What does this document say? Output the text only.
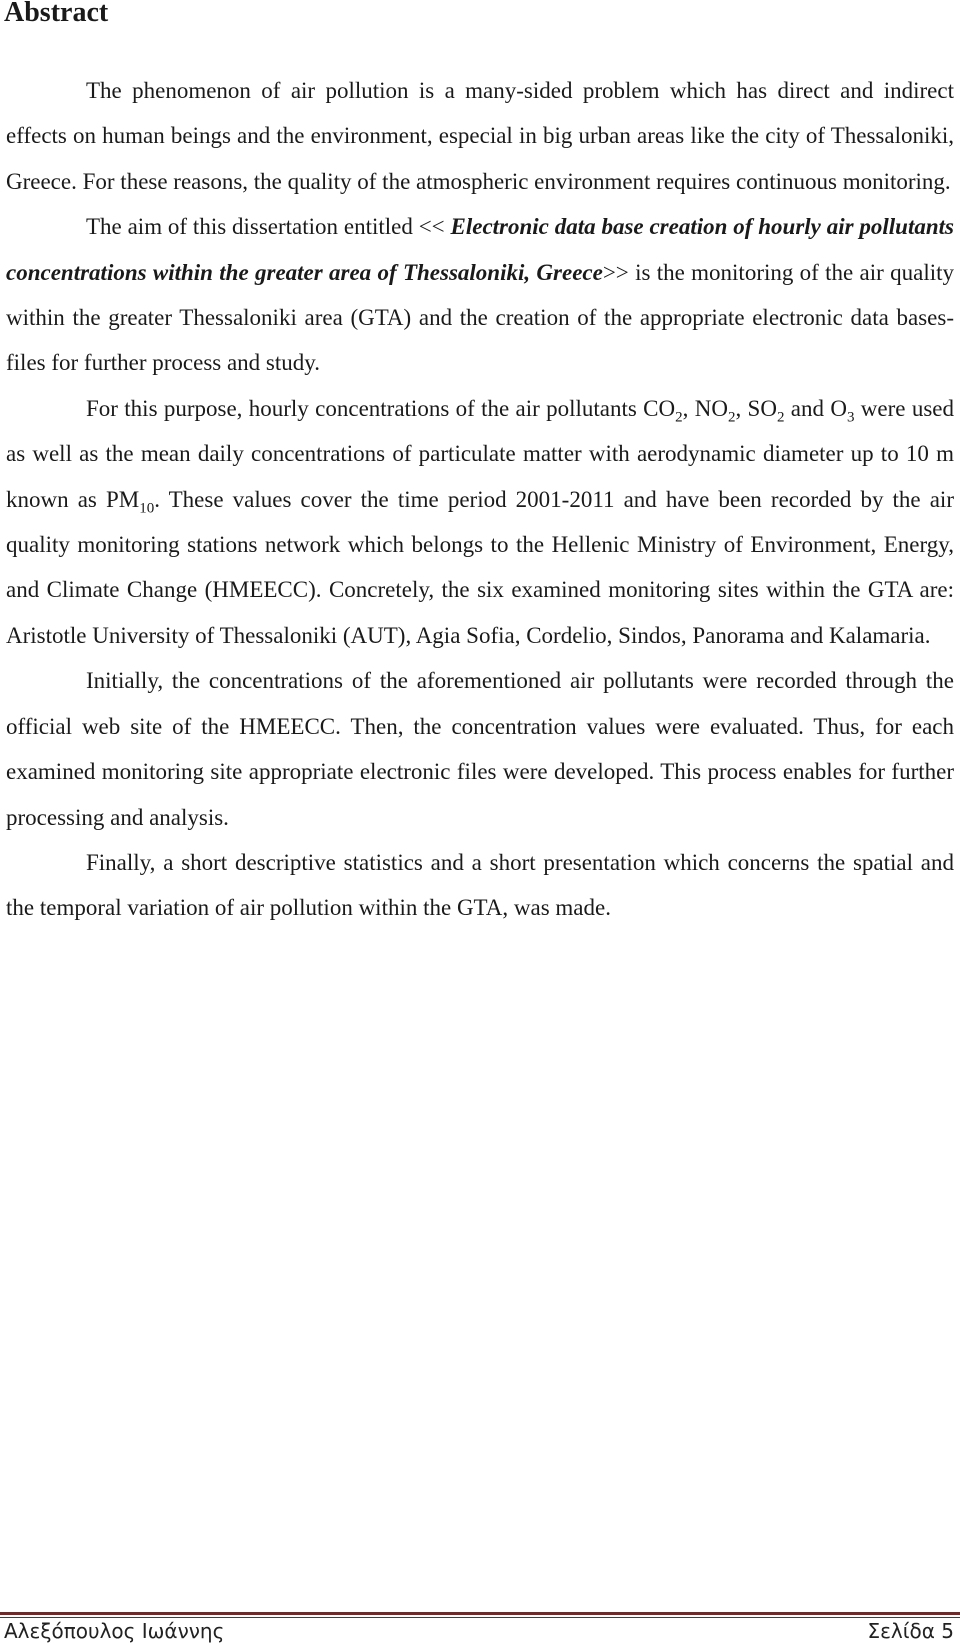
Abstract

The phenomenon of air pollution is a many-sided problem which has direct and indirect effects on human beings and the environment, especial in big urban areas like the city of Thessaloniki, Greece. For these reasons, the quality of the atmospheric environment requires continuous monitoring.

The aim of this dissertation entitled << Electronic data base creation of hourly air pollutants concentrations within the greater area of Thessaloniki, Greece>> is the monitoring of the air quality within the greater Thessaloniki area (GTA) and the creation of the appropriate electronic data bases-files for further process and study.

For this purpose, hourly concentrations of the air pollutants $CO_2$, $NO_2$, $SO_2$ and $O_3$ were used as well as the mean daily concentrations of particulate matter with aerodynamic diameter up to 10 m known as $PM_{10}$. These values cover the time period 2001-2011 and have been recorded by the air quality monitoring stations network which belongs to the Hellenic Ministry of Environment, Energy, and Climate Change (HMEECC). Concretely, the six examined monitoring sites within the GTA are: Aristotle University of Thessaloniki (AUT), Agia Sofia, Cordelio, Sindos, Panorama and Kalamaria.

Initially, the concentrations of the aforementioned air pollutants were recorded through the official web site of the HMEECC. Then, the concentration values were evaluated. Thus, for each examined monitoring site appropriate electronic files were developed. This process enables for further processing and analysis.

Finally, a short descriptive statistics and a short presentation which concerns the spatial and the temporal variation of air pollution within the GTA, was made.

Αλεξόπουλος Ιωάννης	Σελίδα 5
